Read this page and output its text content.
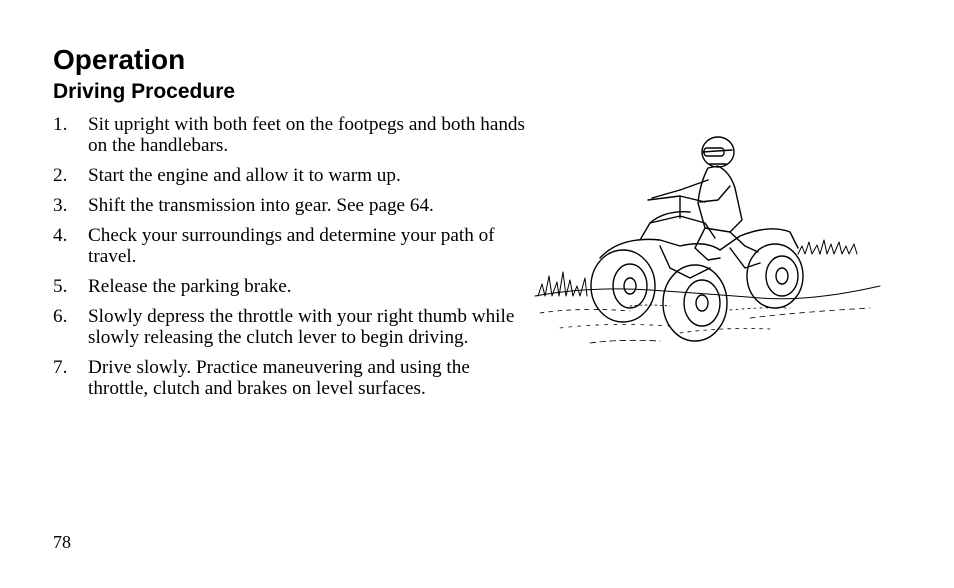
Operation
Driving Procedure
1.	Sit upright with both feet on the footpegs and both hands on the handlebars.
2.	Start the engine and allow it to warm up.
3.	Shift the transmission into gear. See page 64.
4.	Check your surroundings and determine your path of travel.
5.	Release the parking brake.
6.	Slowly depress the throttle with your right thumb while slowly releasing the clutch lever to begin driving.
7.	Drive slowly. Practice maneuvering and using the throttle, clutch and brakes on level surfaces.
78
